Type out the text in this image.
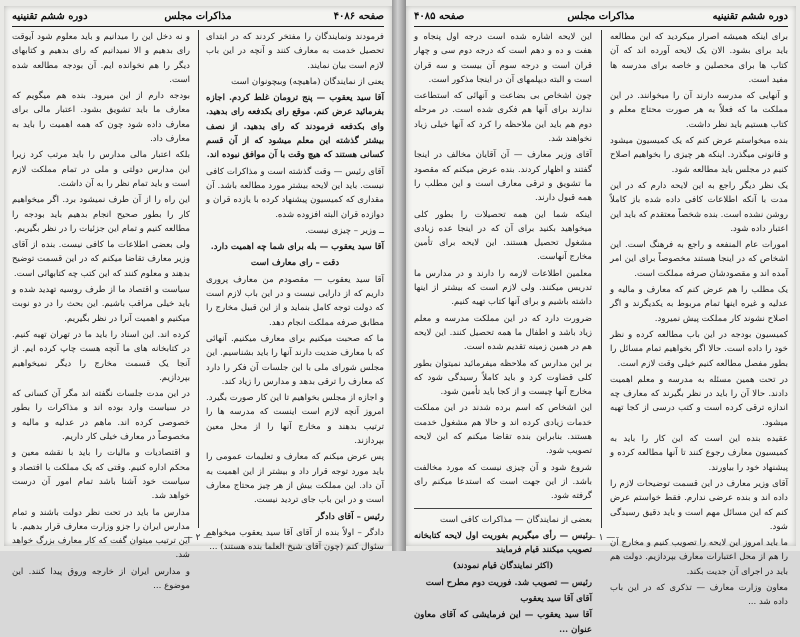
صفحه ۴۰۸۶
مذاکرات مجلس
دوره ششم تقنینیه

فرمودند ونمایندگان را مفتخر کردند که در ابتدای تحصیل خدمت به معارف کنند و آنچه در این باب لازم است بیان نمایند.

یعنی از نمایندگان (ماهیچه) وبیچونوان است

آقا سید یعقوب — پنج ترومان غلط کردم. اجازه بفرمائید عرض کنم. موقع رای بکدفعه رای بدهید. وای بکدفعه فرمودند که رای بدهید. از نصف بیشتر گذشته این معلم میشود که از آن قسم کسانی هستند که هیچ وقت با آن موافق نبوده اند.

آقای رئیس — وقت گذشته است و مذاکرات کافی نیست. باید این لایحه بیشتر مورد مطالعه باشد. آن مقداری که کمیسیون پیشنهاد کرده با یازده قران و دوازده قران البته افزوده شده.

ــ وزیر – چیزی نیست.

آقا سید یعقوب — بله برای شما چه اهمیت دارد.

دقت – رای معارف است

آقا سید یعقوب — مقصودم من معارف پروری داریم که از دارایی نیست و در این باب لازم است که دولت توجه کامل بنماید و از این قبیل مخارج را مطابق صرفه مملکت انجام دهد.

ما که صحبت میکنیم برای معارف میکنیم. آنهائی که با معارف ضدیت دارند آنها را باید بشناسیم. این مجلس شورای ملی با این جلسات آن فکر را دارد که معارف را ترقی بدهد و مدارس را زیاد کند.

و اجازه از مجلس بخواهیم تا این کار صورت بگیرد. امروز آنچه لازم است اینست که مدرسه ها را ترتیب بدهند و مخارج آنها را از محل معین بپردازند.

پس عرض میکنم که معارف و تعلیمات عمومی را باید مورد توجه قرار داد و بیشتر از این اهمیت به آن داد. این مملکت بیش از هر چیز محتاج معارف است و در این باب جای تردید نیست.

رئیس – آقای دادگر

دادگر – اولاً بنده از آقای آقا سید یعقوب میخواهم سئوال کنم (چون آقای شیخ العلما بنده هستند) ...

و نه دخل این را میدانیم و باید معلوم شود آیوقت رای بدهیم و الا نمیدانیم که رای بدهیم و کتابهای دیگر را هم نخوانده ایم. آن بودجه مطالعه شده است.

بودجه دارم از این میرود. بنده هم میگویم که معارف ما باید تشویق بشود. اعتبار مالی برای معارف داده شود چون که همه اهمیت را باید به معارف داد.

بلکه اعتبار مالی مدارس را باید مرتب کرد زیرا این مدارس دولتی و ملی در تمام مملکت لازم است و باید تمام نظر را به آن داشت.

این راه را از آن طرف نمیشود برد. اگر میخواهیم کار را بطور صحیح انجام بدهیم باید بودجه را مطالعه کنیم و تمام این جزئیات را در نظر بگیریم.

ولی بعضی اطلاعات ما کافی نیست. بنده از آقای وزیر معارف تقاضا میکنم که در این قسمت توضیح بدهند و معلوم کنند که این کتب چه کتابهائی است.

سیاست و اقتصاد ما از طرف روسیه تهدید شده و باید خیلی مراقب باشیم. این بحث را در دو نوبت میکنیم و اهمیت آنرا در نظر بگیریم.

کرده اند. این اسناد را باید ما در تهران تهیه کنیم. در کتابخانه های ما آنچه هست چاپ کرده ایم. از آنجا یک قسمت مخارج را دیگر نمیخواهیم بپردازیم.

در این مدت جلسات نگفته اند مگر آن کسانی که در سیاست وارد بوده اند و مذاکرات را بطور خصوصی کرده اند. ماهم در عدلیه و مالیه و مخصوصاً در معارف خیلی کار داریم.

و اقتصادیات و مالیات را باید با نقشه معین و محکم اداره کنیم. وقتی که یک مملکت با اقتصاد و سیاست خود آشنا باشد تمام امور آن درست خواهد شد.

مدارس ما باید در تحت نظر دولت باشند و تمام مدارس ایران را جزو وزارت معارف قرار بدهیم. با این ترتیب میتوان گفت که کار معارف بزرگ خواهد شد.

و مدارس ایران از خارجه وروق پیدا کنند. این موضوع ...

— ۲ —
دوره ششم تقنینیه
مذاکرات مجلس
صفحه ۴۰۸۵

برای اینکه همیشه اصرار میکردید که این مطالعه باید برای بشود. الان یک لایحه آورده اند که آن کتاب ها برای محصلین و خاصه برای مدرسه ها مفید است.

و آنهایی که مدرسه دارند آن را میخوانند. در این مملکت ما که فعلاً به هر صورت محتاج معلم و کتاب هستیم باید نظر داشت.

بنده میخواستم عرض کنم که یک کمیسیون میشود و قانونی میگذرد. اینکه هر چیزی را بخواهیم اصلاح کنیم در مجلس باید مطالعه شود.

یک نظر دیگر راجع به این لایحه دارم که در این مدت با آنکه اطلاعات کافی داده شده باز کاملاً روشن نشده است. بنده شخصاً معتقدم که باید این اعتبار داده شود.

امورات عام المنفعه و راجع به فرهنگ است. این اشخاص که در اینجا هستند مخصوصاً برای این امر آمده اند و مقصودشان صرفه مملکت است.

یک مطلب را هم عرض کنم که معارف و مالیه و عدلیه و غیره اینها تمام مربوط به یکدیگرند و اگر اصلاح نشوند کار مملکت پیش نمیرود.

کمیسیون بودجه در این باب مطالعه کرده و نظر خود را داده است. حالا اگر بخواهیم تمام مسائل را بطور مفصل مطالعه کنیم خیلی وقت لازم است.

در تحت همین مسئله به مدرسه و معلم اهمیت دادند. حالا آن را باید در نظر بگیرند که معارف چه اندازه ترقی کرده است و کتب درسی از کجا تهیه میشود.

عقیده بنده این است که این کار را باید به کمیسیون معارف رجوع کنند تا آنها مطالعه کرده و پیشنهاد خود را بیاورند.

آقای وزیر معارف در این قسمت توضیحات لازم را داده اند و بنده عرضی ندارم. فقط خواستم عرض کنم که این مسائل مهم است و باید دقیق رسیدگی شود.

ما باید امروز این لایحه را تصویب کنیم و مخارج آن را هم از محل اعتبارات معارف بپردازیم. دولت هم باید در اجرای آن جدیت بکند.

معاون وزارت معارف — تذکری که در این باب داده شد ...

این لایحه اشاره شده است درجه اول پنجاه و هفت و ده و دهم است که درجه دوم سی و چهار قران است و درجه سوم آن بیست و سه قران است و البته دیپلمهای آن در اینجا مذکور است.

چون اشخاص بی بضاعت و آنهائی که استطاعت ندارند برای آنها هم فکری شده است. در مرحله دوم هم باید این ملاحظه را کرد که آنها خیلی زیاد نخواهند شد.

آقای وزیر معارف — آن آقایان مخالف در اینجا گفتند و اظهار کردند. بنده عرض میکنم که مقصود ما تشویق و ترقی معارف است و این مطلب را همه قبول دارند.

اینکه شما این همه تحصیلات را بطور کلی میخواهید بکنید برای آن که در اینجا عده زیادی مشغول تحصیل هستند. این لایحه برای تأمین مخارج آنهاست.

معلمین اطلاعات لازمه را دارند و در مدارس ما تدریس میکنند. ولی لازم است که بیشتر از اینها داشته باشیم و برای آنها کتاب تهیه کنیم.

ضرورت دارد که در این مملکت مدرسه و معلم زیاد باشد و اطفال ما همه تحصیل کنند. این لایحه هم در همین زمینه تقدیم شده است.

بر این مدارس که ملاحظه میفرمائید نمیتوان بطور کلی قضاوت کرد و باید کاملاً رسیدگی شود که مخارج آنها چیست و از کجا باید تأمین شود.

این اشخاص که اسم برده شدند در این مملکت خدمات زیادی کرده اند و حالا هم مشغول خدمت هستند. بنابراین بنده تقاضا میکنم که این لایحه تصویب شود.

شروع شود و آن چیزی نیست که مورد مخالفت باشد. از این جهت است که استدعا میکنم رای گرفته شود.

بعضی از نمایندگان — مذاکرات کافی است

رئیس — رأی میگیریم بفوریت اول لایحه کتابخانه تصویب میکنند قیام فرمایند

(اکثر نمایندگان قیام نمودند)

رئیس — تصویب شد. فوریت دوم مطرح است

آقای آقا سید یعقوب

آقا سید یعقوب — این فرمایشی که آقای معاون عنوان ...

— ۱ —
